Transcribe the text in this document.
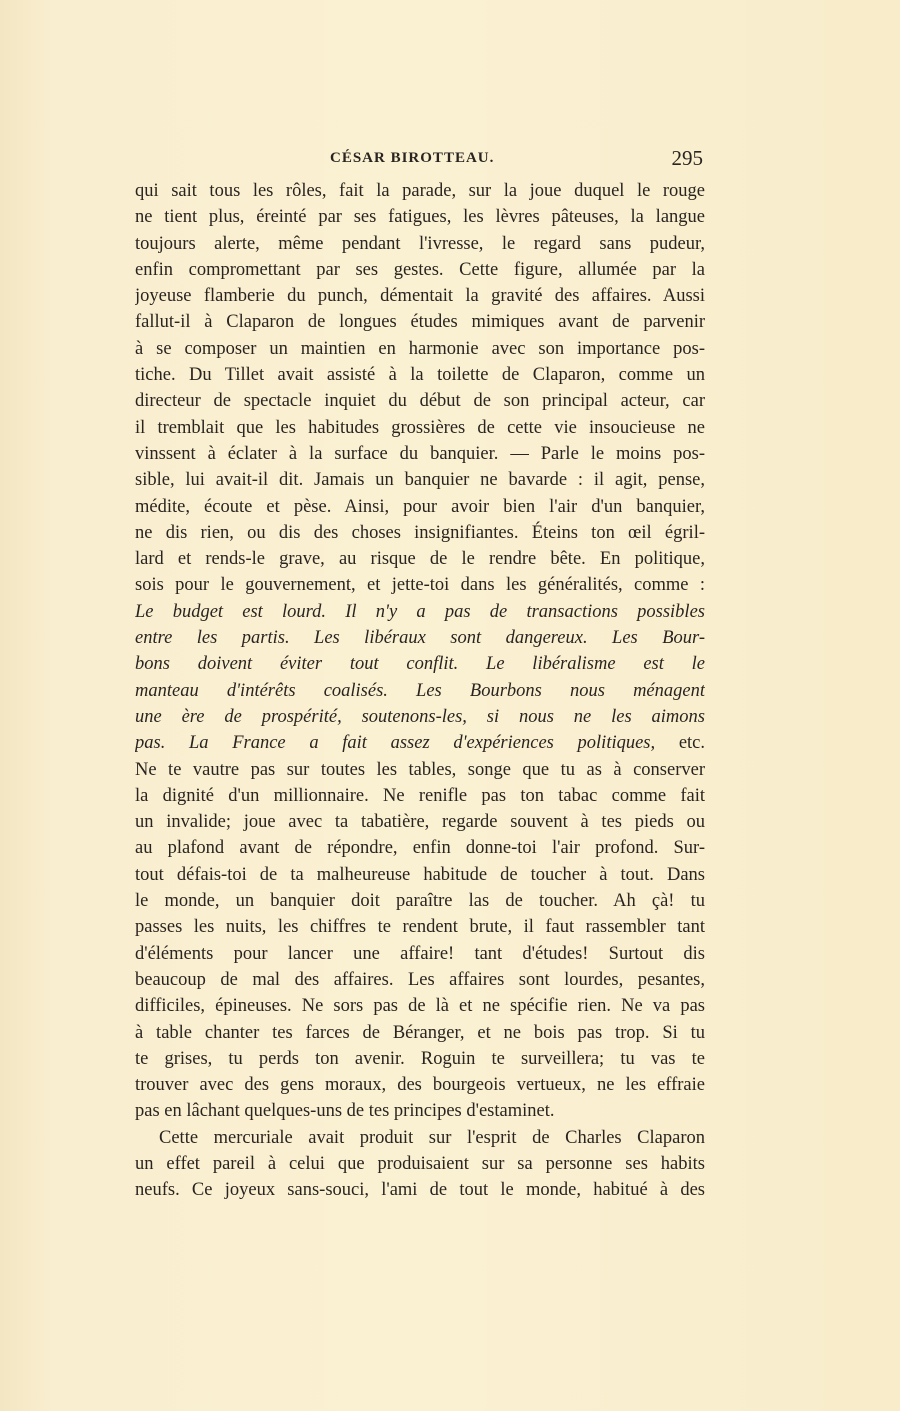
CÉSAR BIROTTEAU.	295
qui sait tous les rôles, fait la parade, sur la joue duquel le rouge
ne tient plus, éreinté par ses fatigues, les lèvres pâteuses, la langue
toujours alerte, même pendant l'ivresse, le regard sans pudeur,
enfin compromettant par ses gestes. Cette figure, allumée par la
joyeuse flamberie du punch, démentait la gravité des affaires. Aussi
fallut-il à Claparon de longues études mimiques avant de parvenir
à se composer un maintien en harmonie avec son importance pos-
tiche. Du Tillet avait assisté à la toilette de Claparon, comme un
directeur de spectacle inquiet du début de son principal acteur, car
il tremblait que les habitudes grossières de cette vie insoucieuse ne
vinssent à éclater à la surface du banquier. — Parle le moins pos-
sible, lui avait-il dit. Jamais un banquier ne bavarde : il agit, pense,
médite, écoute et pèse. Ainsi, pour avoir bien l'air d'un banquier,
ne dis rien, ou dis des choses insignifiantes. Éteins ton œil égril-
lard et rends-le grave, au risque de le rendre bête. En politique,
sois pour le gouvernement, et jette-toi dans les généralités, comme :
Le budget est lourd. Il n'y a pas de transactions possibles
entre les partis. Les libéraux sont dangereux. Les Bour-
bons doivent éviter tout conflit. Le libéralisme est le
manteau d'intérêts coalisés. Les Bourbons nous ménagent
une ère de prospérité, soutenons-les, si nous ne les aimons
pas. La France a fait assez d'expériences politiques, etc.
Ne te vautre pas sur toutes les tables, songe que tu as à conserver
la dignité d'un millionnaire. Ne renifle pas ton tabac comme fait
un invalide; joue avec ta tabatière, regarde souvent à tes pieds ou
au plafond avant de répondre, enfin donne-toi l'air profond. Sur-
tout défais-toi de ta malheureuse habitude de toucher à tout. Dans
le monde, un banquier doit paraître las de toucher. Ah çà! tu
passes les nuits, les chiffres te rendent brute, il faut rassembler tant
d'éléments pour lancer une affaire! tant d'études! Surtout dis
beaucoup de mal des affaires. Les affaires sont lourdes, pesantes,
difficiles, épineuses. Ne sors pas de là et ne spécifie rien. Ne va pas
à table chanter tes farces de Béranger, et ne bois pas trop. Si tu
te grises, tu perds ton avenir. Roguin te surveillera; tu vas te
trouver avec des gens moraux, des bourgeois vertueux, ne les effraie
pas en lâchant quelques-uns de tes principes d'estaminet.
Cette mercuriale avait produit sur l'esprit de Charles Claparon
un effet pareil à celui que produisaient sur sa personne ses habits
neufs. Ce joyeux sans-souci, l'ami de tout le monde, habitué à des
